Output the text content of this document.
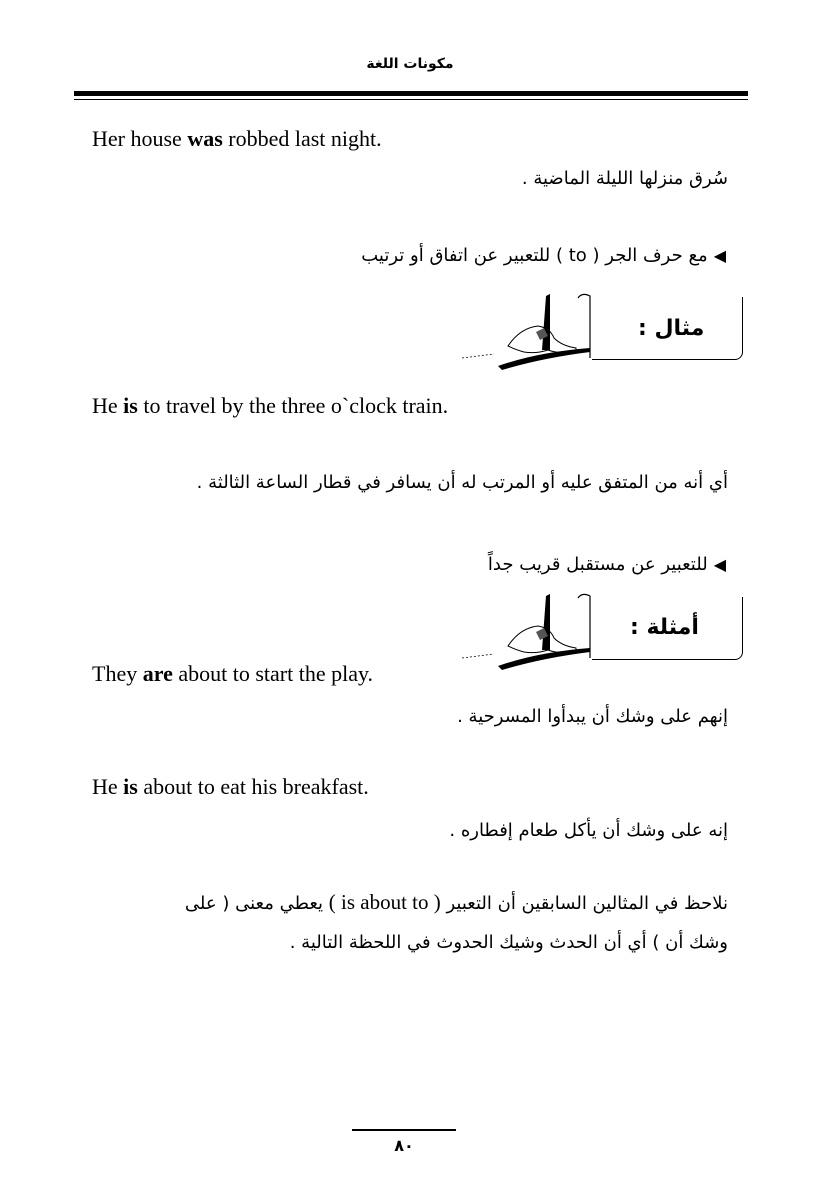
مكونات اللغة
Her house was robbed last night.
سُرق منزلها الليلة الماضية .
◀مع حرف الجر ( to ) للتعبير عن اتفاق أو ترتيب
مثال :
He is to travel by the three o`clock train.
أي أنه من المتفق عليه أو المرتب له أن يسافر في قطار الساعة الثالثة .
◀للتعبير عن مستقبل قريب جداً
أمثلة :
They are about to start the play.
إنهم على وشك أن يبدأوا المسرحية .
He is about to eat his breakfast.
إنه على وشك أن يأكل طعام إفطاره .
نلاحظ في المثالين السابقين أن التعبير ( is about to ) يعطي معنى ( على
وشك أن ) أي أن الحدث وشيك الحدوث في اللحظة التالية .
٨٠
